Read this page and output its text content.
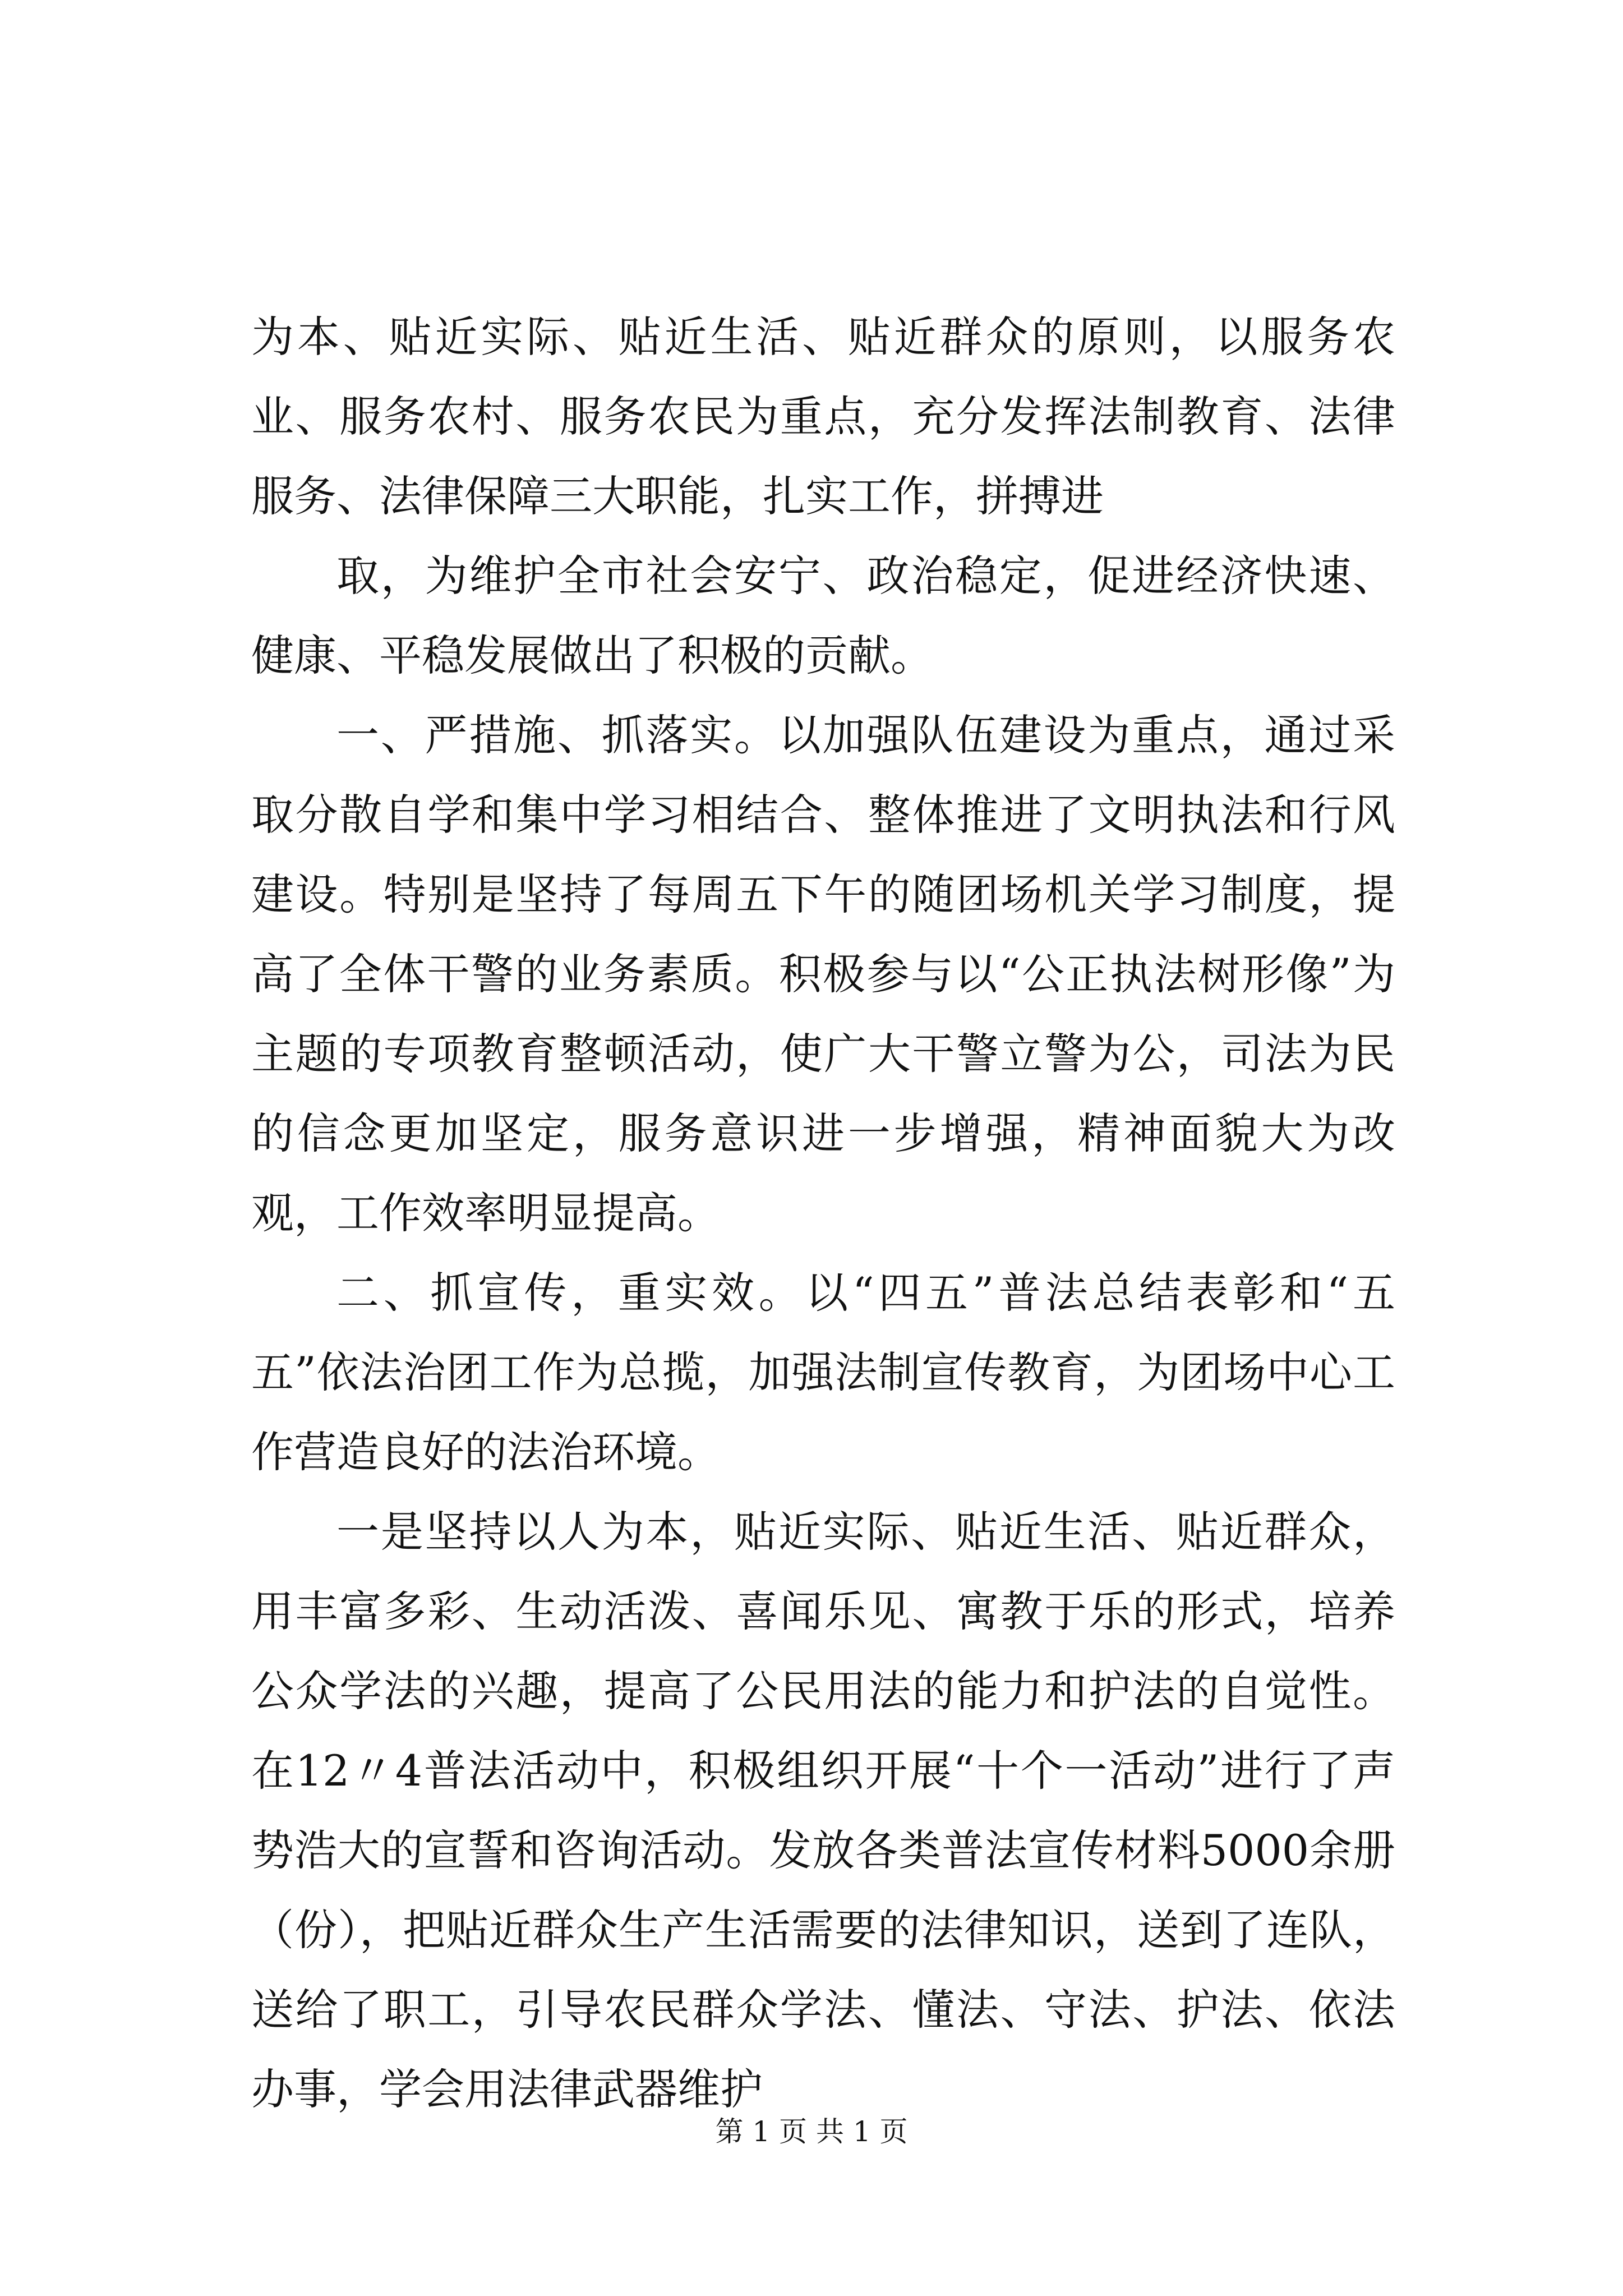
为本、贴近实际、贴近生活、贴近群众的原则，以服务农业、服务农村、服务农民为重点，充分发挥法制教育、法律服务、法律保障三大职能，扎实工作，拼搏进

取，为维护全市社会安宁、政治稳定，促进经济快速、健康、平稳发展做出了积极的贡献。

一、严措施、抓落实。以加强队伍建设为重点，通过采取分散自学和集中学习相结合、整体推进了文明执法和行风建设。特别是坚持了每周五下午的随团场机关学习制度，提高了全体干警的业务素质。积极参与以“公正执法树形像”为主题的专项教育整顿活动，使广大干警立警为公，司法为民的信念更加坚定，服务意识进一步增强，精神面貌大为改观，工作效率明显提高。

二、抓宣传，重实效。以“四五”普法总结表彰和“五五”依法治团工作为总揽，加强法制宣传教育，为团场中心工作营造良好的法治环境。

一是坚持以人为本，贴近实际、贴近生活、贴近群众，用丰富多彩、生动活泼、喜闻乐见、寓教于乐的形式，培养公众学法的兴趣，提高了公民用法的能力和护法的自觉性。在12〃4普法活动中，积极组织开展“十个一活动”进行了声势浩大的宣誓和咨询活动。发放各类普法宣传材料5000余册（份），把贴近群众生产生活需要的法律知识，送到了连队，送给了职工，引导农民群众学法、懂法、守法、护法、依法办事，学会用法律武器维护

第 1 页 共 1 页
